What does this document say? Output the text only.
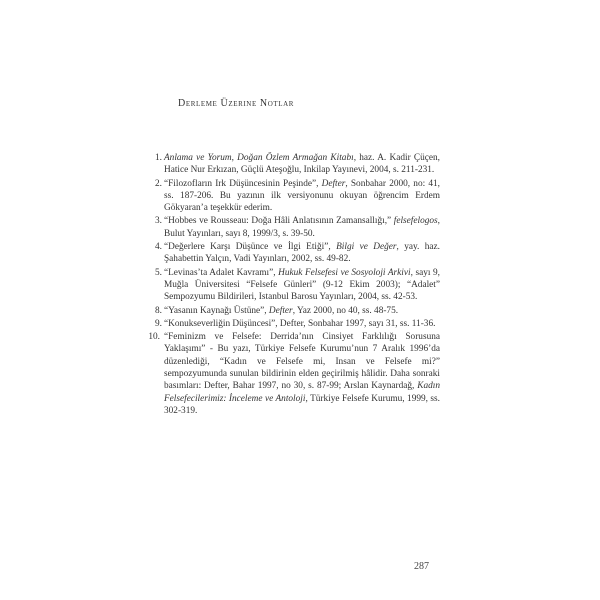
Derleme Üzerine Notlar
1. Anlama ve Yorum, Doğan Özlem Armağan Kitabı, haz. A. Kadir Çüçen, Hatice Nur Erkızan, Güçlü Ateşoğlu, Inkilap Yayınevi, 2004, s. 211-231.
2. “Filozofların Irk Düşüncesinin Peşinde”, Defter, Sonbahar 2000, no: 41, ss. 187-206. Bu yazının ilk versiyonunu okuyan öğrencim Erdem Gökyaran’a teşekkür ederim.
3. “Hobbes ve Rousseau: Doğa Hâli Anlatısının Zamansallığı,” felsefelogos, Bulut Yayınları, sayı 8, 1999/3, s. 39-50.
4. “Değerlere Karşı Düşünce ve İlgi Etiği”, Bilgi ve Değer, yay. haz. Şahabettin Yalçın, Vadi Yayınları, 2002, ss. 49-82.
5. “Levinas’ta Adalet Kavramı”, Hukuk Felsefesi ve Sosyoloji Arkivi, sayı 9, Muğla Üniversitesi “Felsefe Günleri” (9-12 Ekim 2003); “Adalet” Sempozyumu Bildirileri, Istanbul Barosu Yayınları, 2004, ss. 42-53.
8. “Yasanın Kaynağı Üstüne”, Defter, Yaz 2000, no 40, ss. 48-75.
9. “Konukseverliğin Düşüncesi”, Defter, Sonbahar 1997, sayı 31, ss. 11-36.
10. “Feminizm ve Felsefe: Derrida’nın Cinsiyet Farklılığı Sorusuna Yaklaşımı” - Bu yazı, Türkiye Felsefe Kurumu’nun 7 Aralık 1996’da düzenlediği, “Kadın ve Felsefe mi, Insan ve Felsefe mi?” sempozyumunda sunulan bildirinin elden geçirilmiş hâlidir. Daha sonraki basımları: Defter, Bahar 1997, no 30, s. 87-99; Arslan Kaynardağ, Kadın Felsefecilerimiz: İnceleme ve Antoloji, Türkiye Felsefe Kurumu, 1999, ss. 302-319.
287
